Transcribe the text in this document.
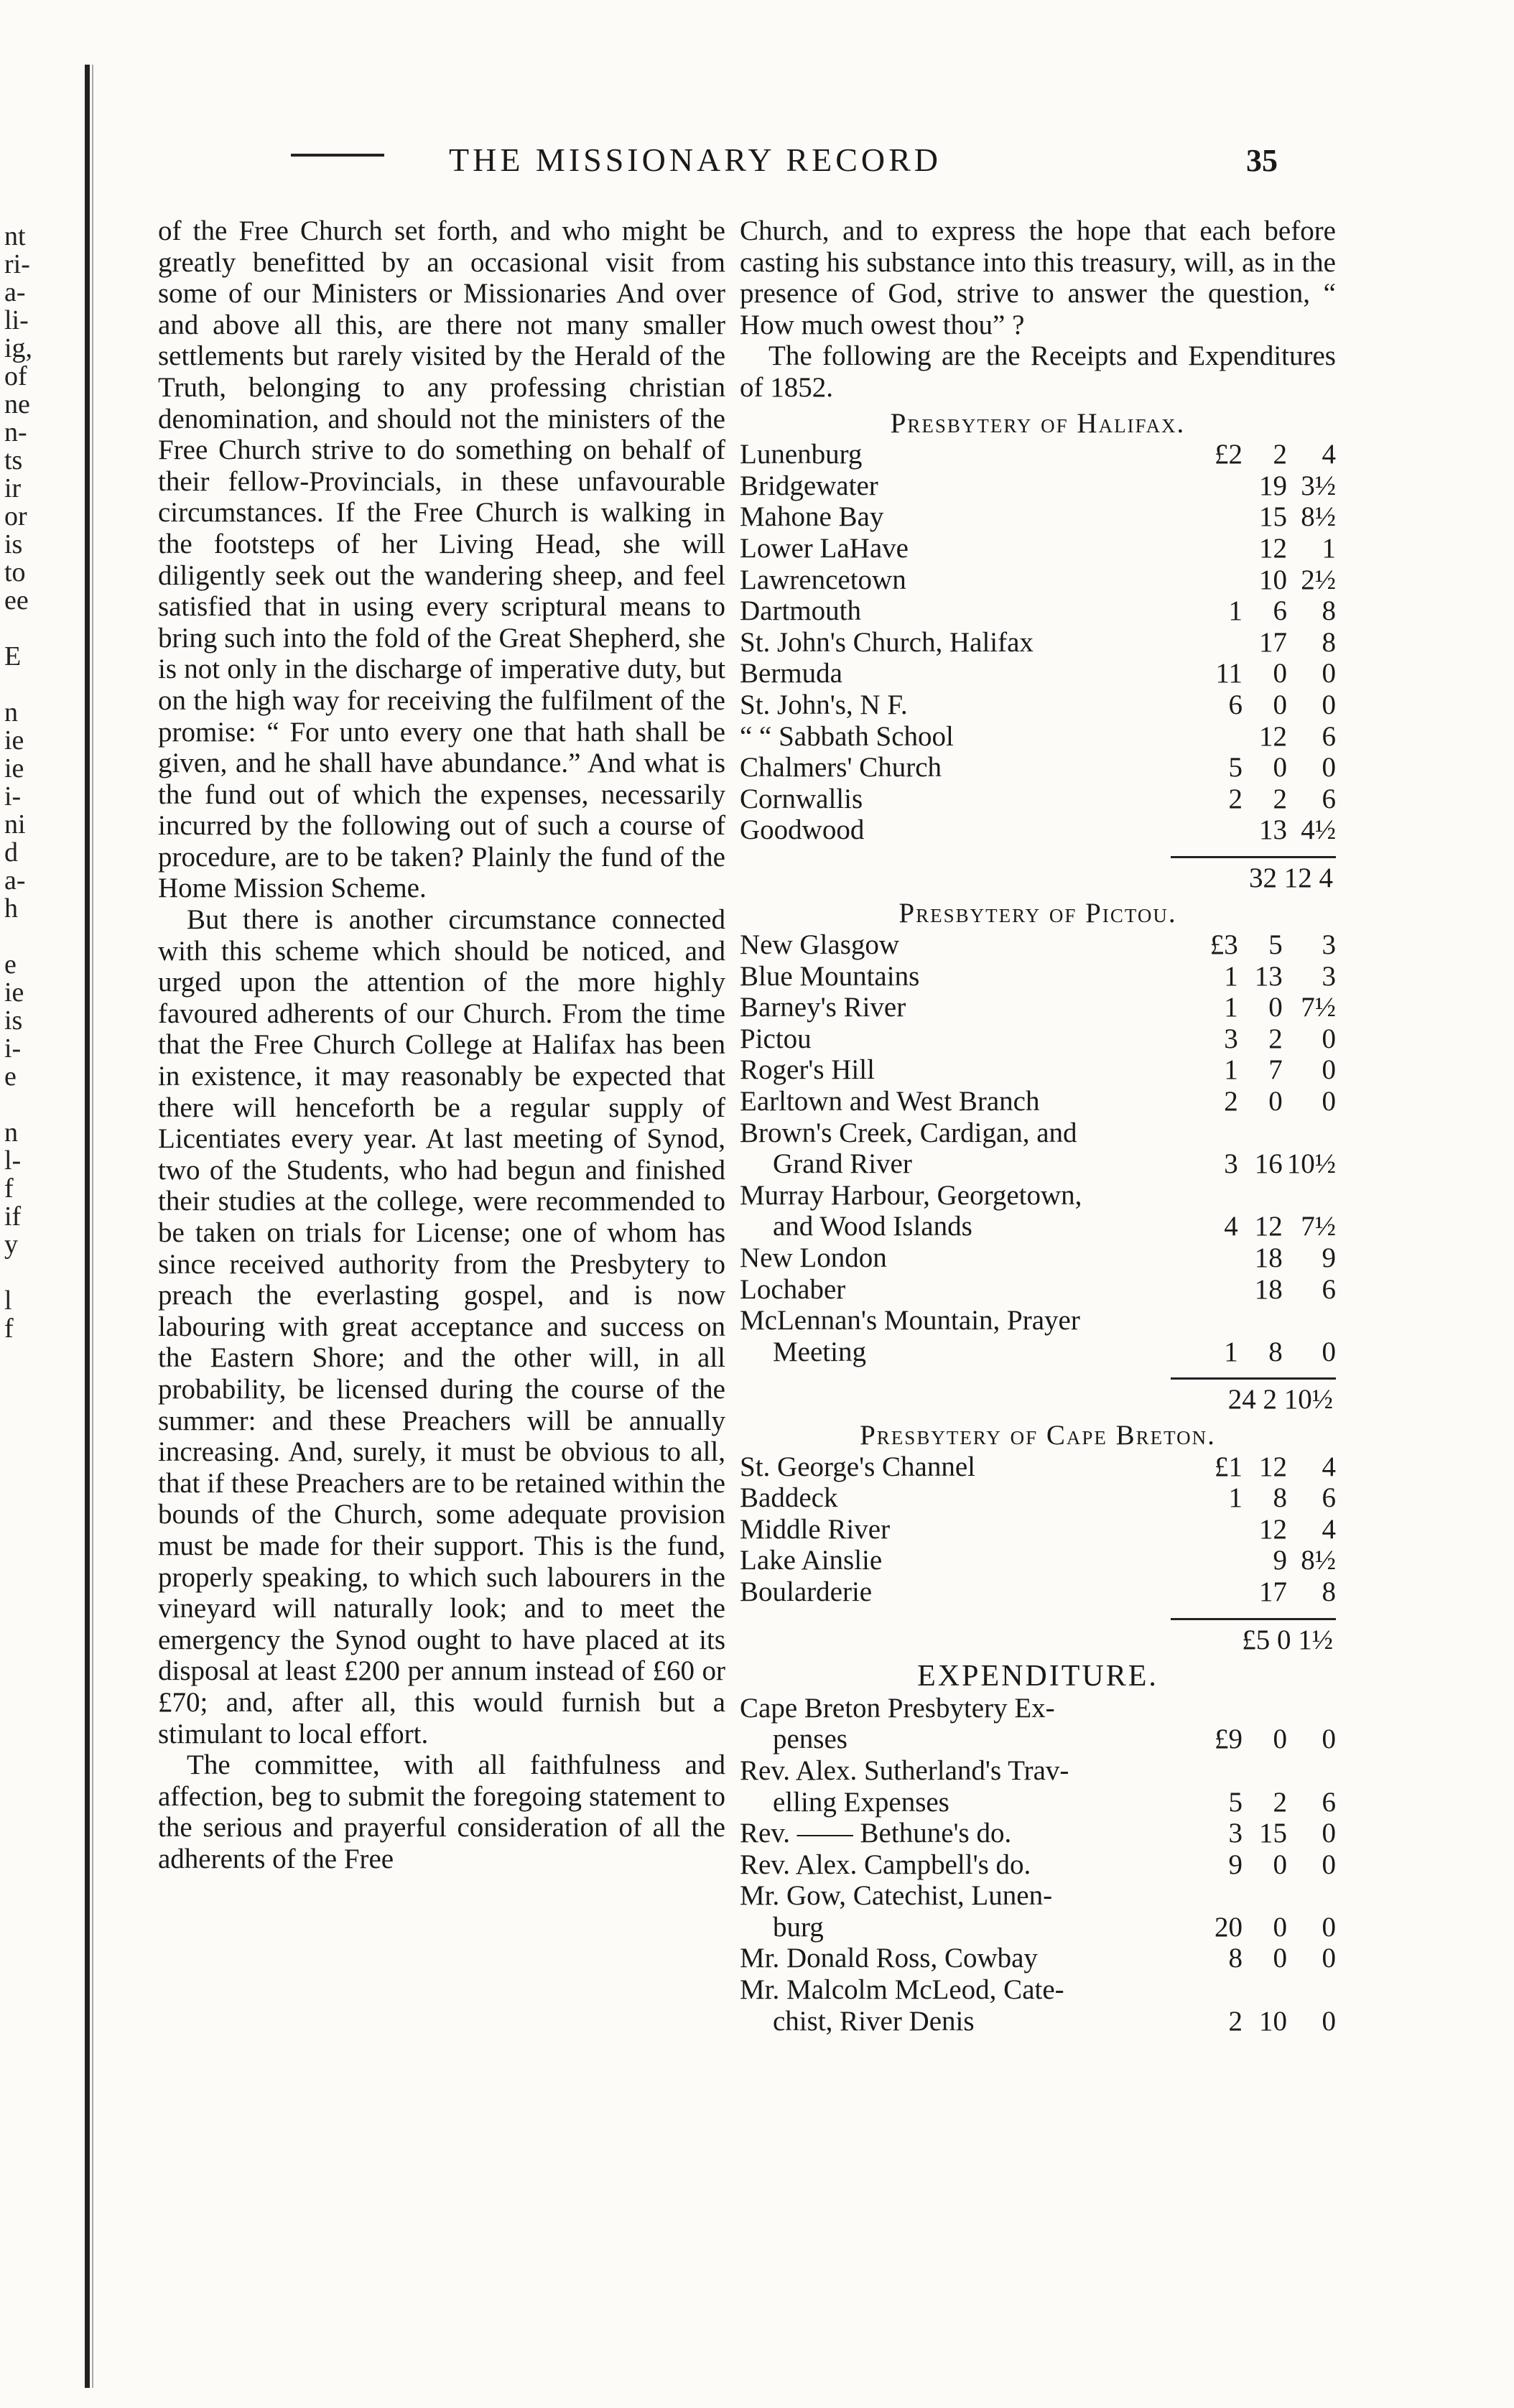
nt
ri-
a-
li-
ig,
of
ne
n-
ts
ir
or
is
to
ee
E
n
ie
ie
i-
ni
d
a-
h
e
ie
is
i-
e
n
l-
f
if
y
l
f
THE MISSIONARY RECORD	35

of the Free Church set forth, and who might be greatly benefitted by an occasional visit from some of our Ministers or Missionaries And over and above all this, are there not many smaller settlements but rarely visited by the Herald of the Truth, belonging to any professing christian denomination, and should not the ministers of the Free Church strive to do something on behalf of their fellow-Provincials, in these unfavourable circumstances. If the Free Church is walking in the footsteps of her Living Head, she will diligently seek out the wandering sheep, and feel satisfied that in using every scriptural means to bring such into the fold of the Great Shepherd, she is not only in the discharge of imperative duty, but on the high way for receiving the fulfilment of the promise: “ For unto every one that hath shall be given, and he shall have abundance.” And what is the fund out of which the expenses, necessarily incurred by the following out of such a course of procedure, are to be taken? Plainly the fund of the Home Mission Scheme.

But there is another circumstance connected with this scheme which should be noticed, and urged upon the attention of the more highly favoured adherents of our Church. From the time that the Free Church College at Halifax has been in existence, it may reasonably be expected that there will henceforth be a regular supply of Licentiates every year. At last meeting of Synod, two of the Students, who had begun and finished their studies at the college, were recommended to be taken on trials for License; one of whom has since received authority from the Presbytery to preach the everlasting gospel, and is now labouring with great acceptance and success on the Eastern Shore; and the other will, in all probability, be licensed during the course of the summer: and these Preachers will be annually increasing. And, surely, it must be obvious to all, that if these Preachers are to be retained within the bounds of the Church, some adequate provision must be made for their support. This is the fund, properly speaking, to which such labourers in the vineyard will naturally look; and to meet the emergency the Synod ought to have placed at its disposal at least £200 per annum instead of £60 or £70; and, after all, this would furnish but a stimulant to local effort.

The committee, with all faithfulness and affection, beg to submit the foregoing statement to the serious and prayerful consideration of all the adherents of the Free

Church, and to express the hope that each before casting his substance into this treasury, will, as in the presence of God, strive to answer the question, “ How much owest thou” ?

The following are the Receipts and Expenditures of 1852.

Presbytery of Halifax.
Lunenburg	£2	2	4
Bridgewater		19	3½
Mahone Bay		15	8½
Lower LaHave		12	1
Lawrencetown		10	2½
Dartmouth	1	6	8
St. John's Church, Halifax		17	8
Bermuda	11	0	0
St. John's, N F.	6	0	0
“ “ Sabbath School		12	6
Chalmers' Church	5	0	0
Cornwallis	2	2	6
Goodwood		13	4½
32 12 4
Presbytery of Pictou.
New Glasgow	£3	5	3
Blue Mountains	1	13	3
Barney's River	1	0	7½
Pictou	3	2	0
Roger's Hill	1	7	0
Earltown and West Branch	2	0	0
Brown's Creek, Cardigan, and
Grand River	3	16	10½
Murray Harbour, Georgetown,
and Wood Islands	4	12	7½
New London		18	9
Lochaber		18	6
McLennan's Mountain, Prayer
Meeting	1	8	0
24 2 10½
Presbytery of Cape Breton.
St. George's Channel	£1	12	4
Baddeck	1	8	6
Middle River		12	4
Lake Ainslie		9	8½
Boularderie		17	8
£5 0 1½
EXPENDITURE.
Cape Breton Presbytery Ex-
penses	£9	0	0
Rev. Alex. Sutherland's Trav-
elling Expenses	5	2	6
Rev. —— Bethune's do.	3	15	0
Rev. Alex. Campbell's do.	9	0	0
Mr. Gow, Catechist, Lunen-
burg	20	0	0
Mr. Donald Ross, Cowbay	8	0	0
Mr. Malcolm McLeod, Cate-
chist, River Denis	2	10	0
